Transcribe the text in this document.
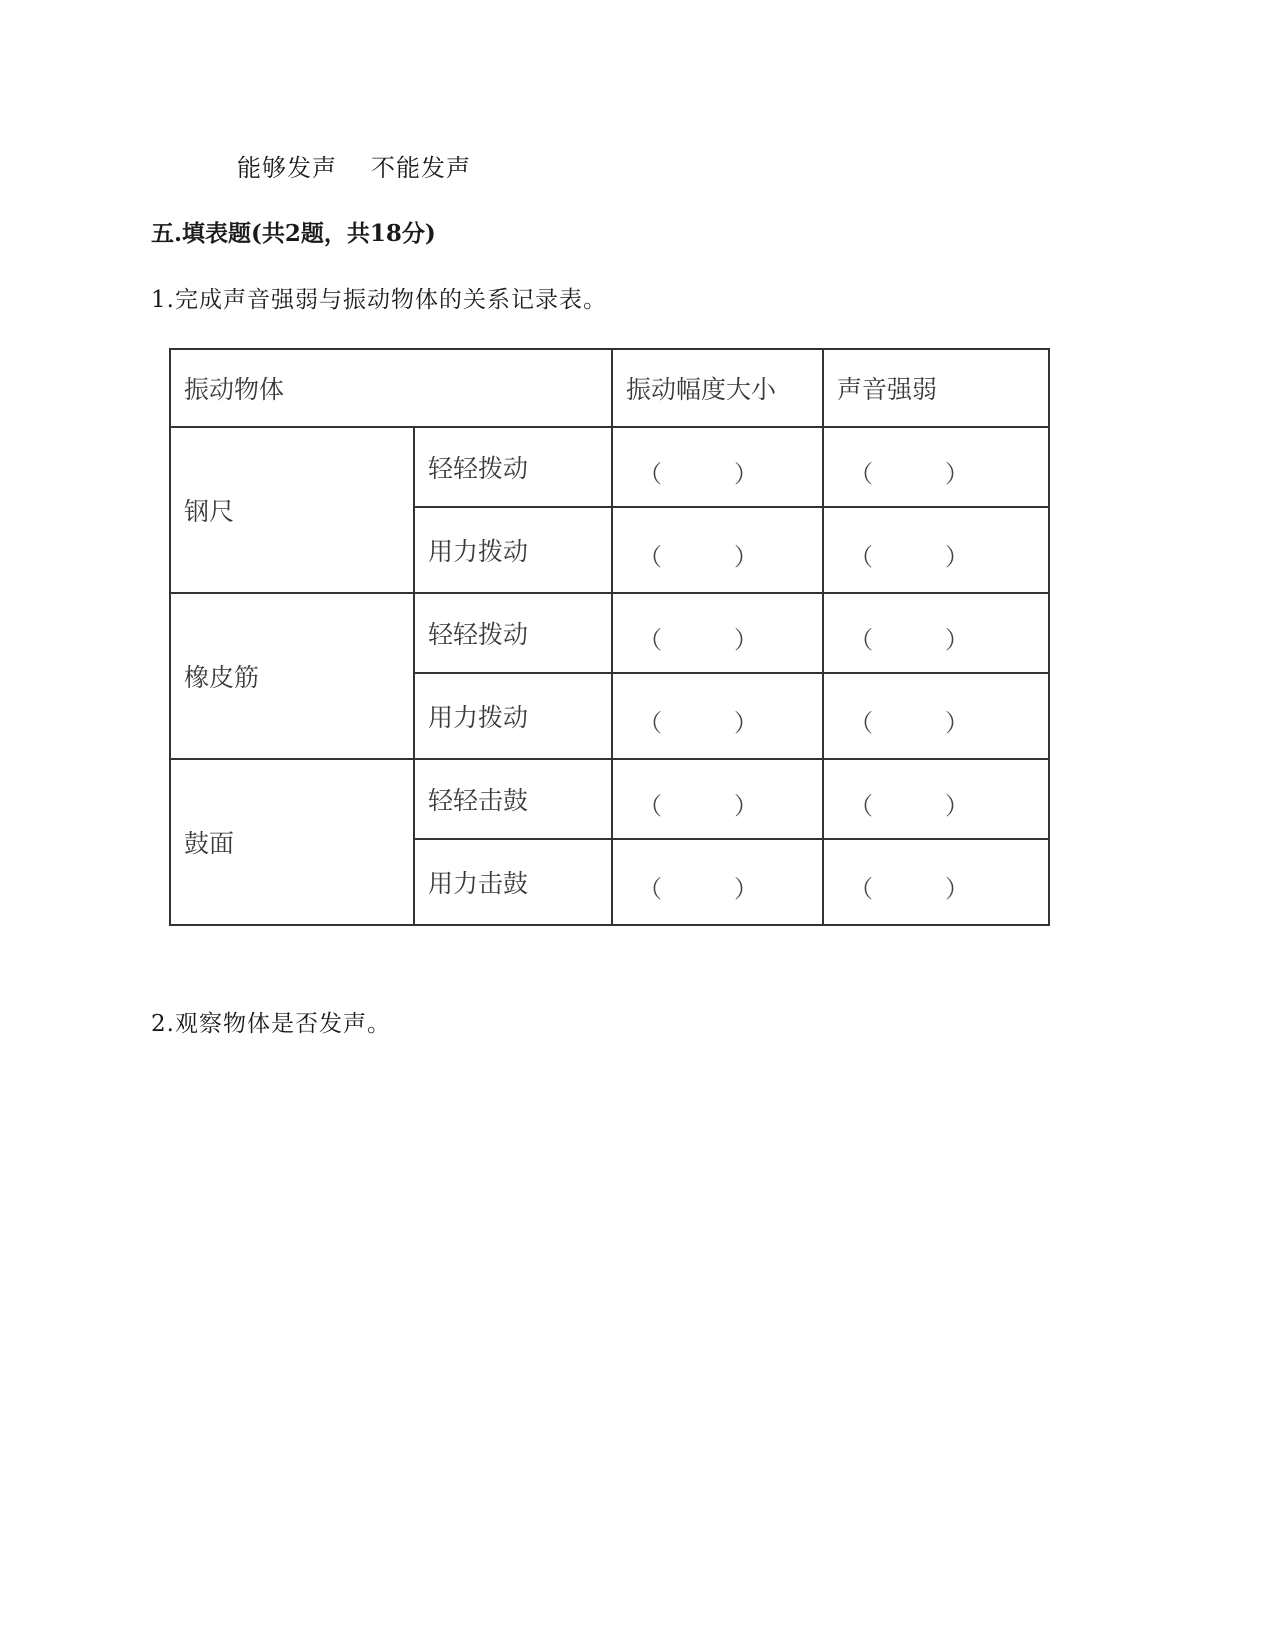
能够发声 不能发声
五.填表题(共2题，共18分)
1.完成声音强弱与振动物体的关系记录表。
振动物体		振动幅度大小	声音强弱
钢尺	轻轻拨动	（ ）	（ ）

	用力拨动	（ ）	（ ）

橡皮筋	轻轻拨动	（ ）	（ ）

	用力拨动	（ ）	（ ）

鼓面	轻轻击鼓	（ ）	（ ）

	用力击鼓	（ ）	（ ）

2.观察物体是否发声。
